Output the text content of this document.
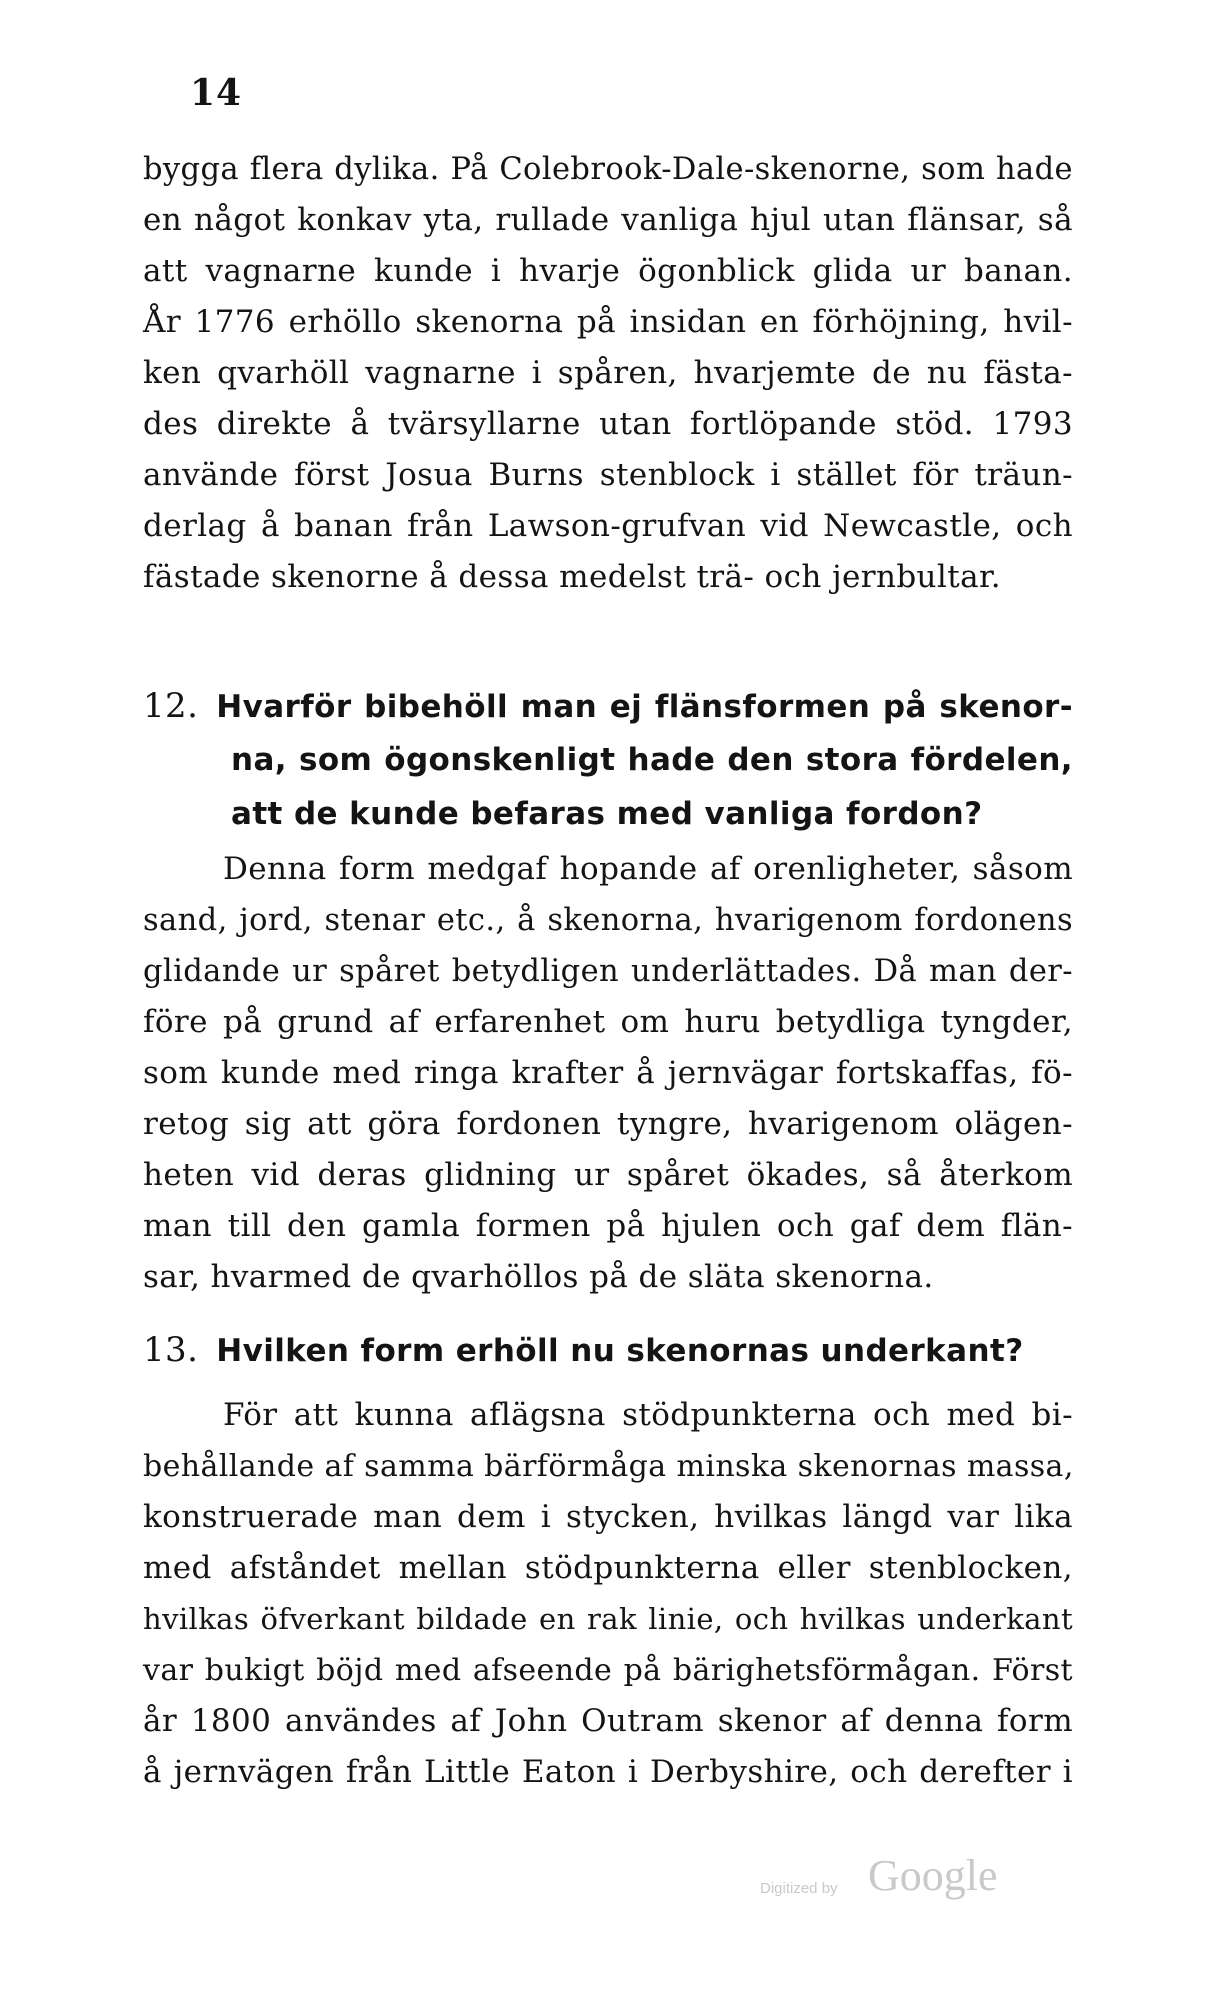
14
bygga flera dylika. På Colebrook-Dale-skenorne, som hade
en något konkav yta, rullade vanliga hjul utan flänsar, så
att vagnarne kunde i hvarje ögonblick glida ur banan.
År 1776 erhöllo skenorna på insidan en förhöjning, hvil-
ken qvarhöll vagnarne i spåren, hvarjemte de nu fästa-
des direkte å tvärsyllarne utan fortlöpande stöd. 1793
använde först Josua Burns stenblock i stället för träun-
derlag å banan från Lawson-grufvan vid Newcastle, och
fästade skenorne å dessa medelst trä- och jernbultar.
12. Hvarför bibehöll man ej flänsformen på skenor-
na, som ögonskenligt hade den stora fördelen,
att de kunde befaras med vanliga fordon?
Denna form medgaf hopande af orenligheter, såsom
sand, jord, stenar etc., å skenorna, hvarigenom fordonens
glidande ur spåret betydligen underlättades. Då man der-
före på grund af erfarenhet om huru betydliga tyngder,
som kunde med ringa krafter å jernvägar fortskaffas, fö-
retog sig att göra fordonen tyngre, hvarigenom olägen-
heten vid deras glidning ur spåret ökades, så återkom
man till den gamla formen på hjulen och gaf dem flän-
sar, hvarmed de qvarhöllos på de släta skenorna.
13. Hvilken form erhöll nu skenornas underkant?
För att kunna aflägsna stödpunkterna och med bi-
behållande af samma bärförmåga minska skenornas massa,
konstruerade man dem i stycken, hvilkas längd var lika
med afståndet mellan stödpunkterna eller stenblocken,
hvilkas öfverkant bildade en rak linie, och hvilkas underkant
var bukigt böjd med afseende på bärighetsförmågan. Först
år 1800 användes af John Outram skenor af denna form
å jernvägen från Little Eaton i Derbyshire, och derefter i
Digitized by Google
